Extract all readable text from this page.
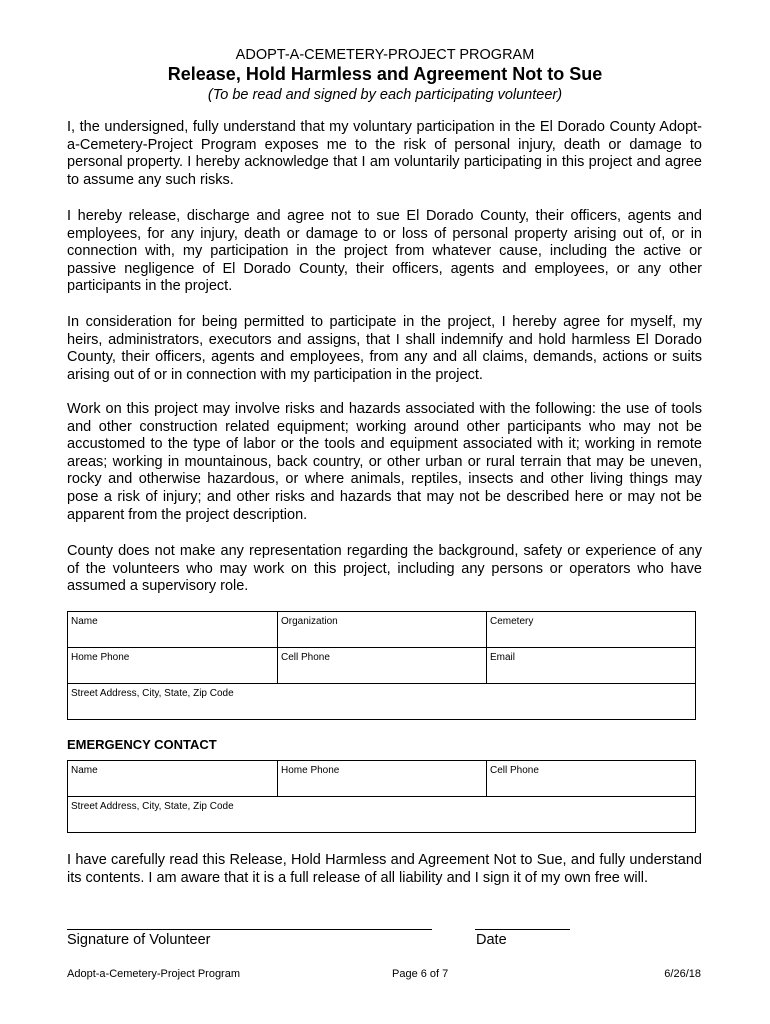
ADOPT-A-CEMETERY-PROJECT PROGRAM
Release, Hold Harmless and Agreement Not to Sue
(To be read and signed by each participating volunteer)

I, the undersigned, fully understand that my voluntary participation in the El Dorado County Adopt-a-Cemetery-Project Program exposes me to the risk of personal injury, death or damage to personal property. I hereby acknowledge that I am voluntarily participating in this project and agree to assume any such risks.

I hereby release, discharge and agree not to sue El Dorado County, their officers, agents and employees, for any injury, death or damage to or loss of personal property arising out of, or in connection with, my participation in the project from whatever cause, including the active or passive negligence of El Dorado County, their officers, agents and employees, or any other participants in the project.

In consideration for being permitted to participate in the project, I hereby agree for myself, my heirs, administrators, executors and assigns, that I shall indemnify and hold harmless El Dorado County, their officers, agents and employees, from any and all claims, demands, actions or suits arising out of or in connection with my participation in the project.

Work on this project may involve risks and hazards associated with the following: the use of tools and other construction related equipment; working around other participants who may not be accustomed to the type of labor or the tools and equipment associated with it; working in remote areas; working in mountainous, back country, or other urban or rural terrain that may be uneven, rocky and otherwise hazardous, or where animals, reptiles, insects and other living things may pose a risk of injury; and other risks and hazards that may not be described here or may not be apparent from the project description.

County does not make any representation regarding the background, safety or experience of any of the volunteers who may work on this project, including any persons or operators who have assumed a supervisory role.

Name	Organization	Cemetery
Home Phone	Cell Phone	Email
Street Address, City, State, Zip Code		
EMERGENCY CONTACT
Name	Home Phone	Cell Phone
Street Address, City, State, Zip Code

I have carefully read this Release, Hold Harmless and Agreement Not to Sue, and fully understand its contents. I am aware that it is a full release of all liability and I sign it of my own free will.

Signature of Volunteer	Date
Adopt-a-Cemetery-Project Program	Page 6 of 7	6/26/18
